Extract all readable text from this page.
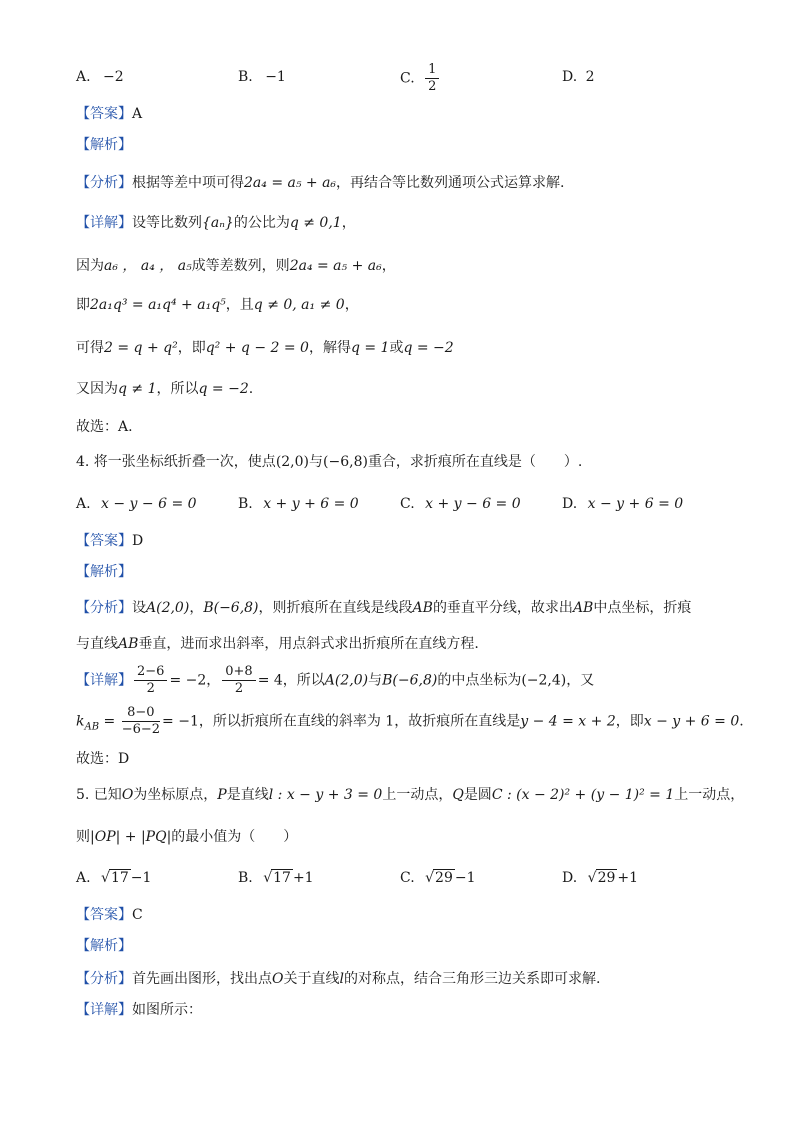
A. −2	B. −1	C. $\frac{1}{2}$	D. 2
【答案】A
【解析】
【分析】根据等差中项可得2a₄ = a₅ + a₆，再结合等比数列通项公式运算求解.
【详解】设等比数列{aₙ}的公比为q ≠ 0,1，
因为a₆ ， a₄ ， a₅成等差数列，则2a₄ = a₅ + a₆，
即2a₁q³ = a₁q⁴ + a₁q⁵，且q ≠ 0, a₁ ≠ 0，
可得2 = q + q²，即q² + q − 2 = 0，解得q = 1或q = −2
又因为q ≠ 1，所以q = −2.
故选：A.
4. 将一张坐标纸折叠一次，使点(2,0)与(−6,8)重合，求折痕所在直线是（　　）.
A. x − y − 6 = 0	B. x + y + 6 = 0	C. x + y − 6 = 0	D. x − y + 6 = 0
【答案】D
【解析】
【分析】设A(2,0)，B(−6,8)，则折痕所在直线是线段AB的垂直平分线，故求出AB中点坐标，折痕
与直线AB垂直，进而求出斜率，用点斜式求出折痕所在直线方程.
【详解】 $\frac{2-6}{2} = -2$， $\frac{0+8}{2} = 4$，所以A(2,0)与B(−6,8)的中点坐标为(−2,4)，又
$k_{AB} = \frac{8-0}{-6-2} = -1$，所以折痕所在直线的斜率为 1，故折痕所在直线是y − 4 = x + 2，即x − y + 6 = 0.
故选：D
5. 已知O为坐标原点，P是直线l : x − y + 3 = 0上一动点，Q是圆C : (x − 2)² + (y − 1)² = 1上一动点，
则|OP| + |PQ|的最小值为（　　）
A. √17 −1	B. √17 +1	C. √29 −1	D. √29 +1
【答案】C
【解析】
【分析】首先画出图形，找出点O关于直线l的对称点，结合三角形三边关系即可求解.
【详解】如图所示：
